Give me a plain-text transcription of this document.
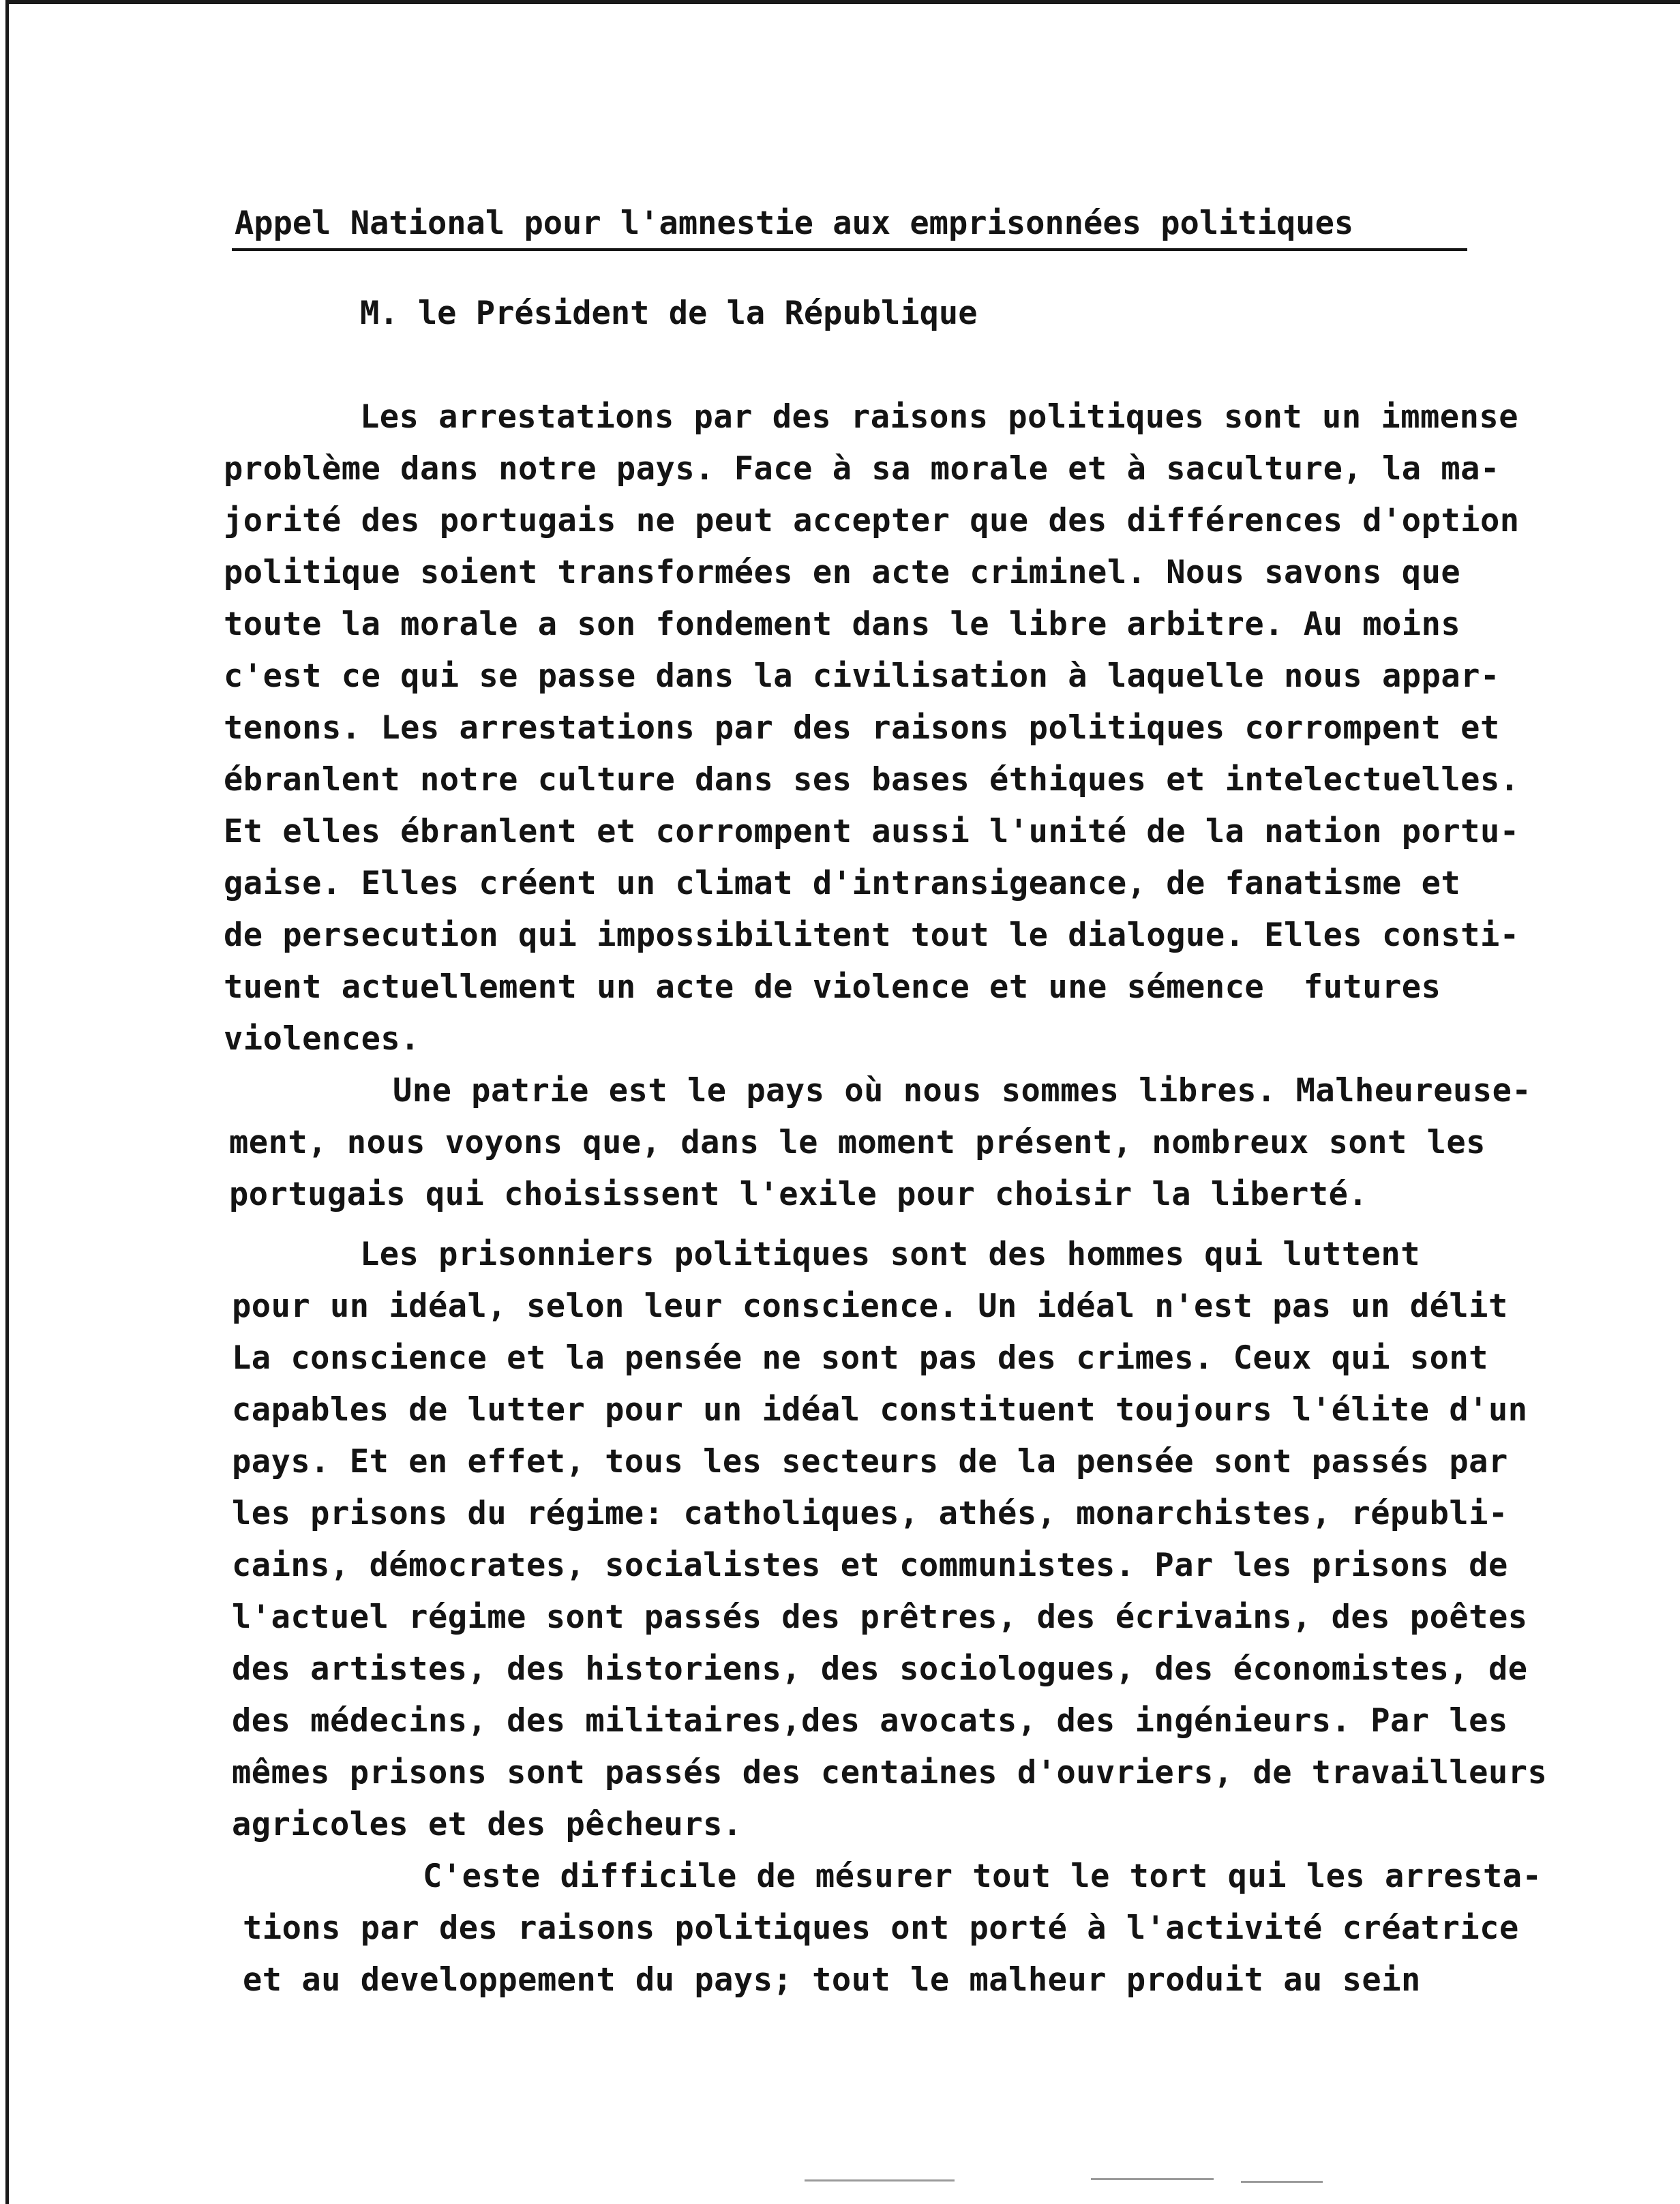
Appel National pour l'amnestie aux emprisonnées politiques
M. le Président de la République
Les arrestations par des raisons politiques sont un immense
problème dans notre pays. Face à sa morale et à saculture, la ma-
jorité des portugais ne peut accepter que des différences d'option
politique soient transformées en acte criminel. Nous savons que
toute la morale a son fondement dans le libre arbitre. Au moins
c'est ce qui se passe dans la civilisation à laquelle nous appar-
tenons. Les arrestations par des raisons politiques corrompent et
ébranlent notre culture dans ses bases éthiques et intelectuelles.
Et elles ébranlent et corrompent aussi l'unité de la nation portu-
gaise. Elles créent un climat d'intransigeance, de fanatisme et
de persecution qui impossibilitent tout le dialogue. Elles consti-
tuent actuellement un acte de violence et une sémence  futures
violences.
Une patrie est le pays où nous sommes libres. Malheureuse-
ment, nous voyons que, dans le moment présent, nombreux sont les
portugais qui choisissent l'exile pour choisir la liberté.
Les prisonniers politiques sont des hommes qui luttent
pour un idéal, selon leur conscience. Un idéal n'est pas un délit
La conscience et la pensée ne sont pas des crimes. Ceux qui sont
capables de lutter pour un idéal constituent toujours l'élite d'un
pays. Et en effet, tous les secteurs de la pensée sont passés par
les prisons du régime: catholiques, athés, monarchistes, républi-
cains, démocrates, socialistes et communistes. Par les prisons de
l'actuel régime sont passés des prêtres, des écrivains, des poêtes
des artistes, des historiens, des sociologues, des économistes, de
des médecins, des militaires,des avocats, des ingénieurs. Par les
mêmes prisons sont passés des centaines d'ouvriers, de travailleurs
agricoles et des pêcheurs.
C'este difficile de mésurer tout le tort qui les arresta-
tions par des raisons politiques ont porté à l'activité créatrice
et au developpement du pays; tout le malheur produit au sein
